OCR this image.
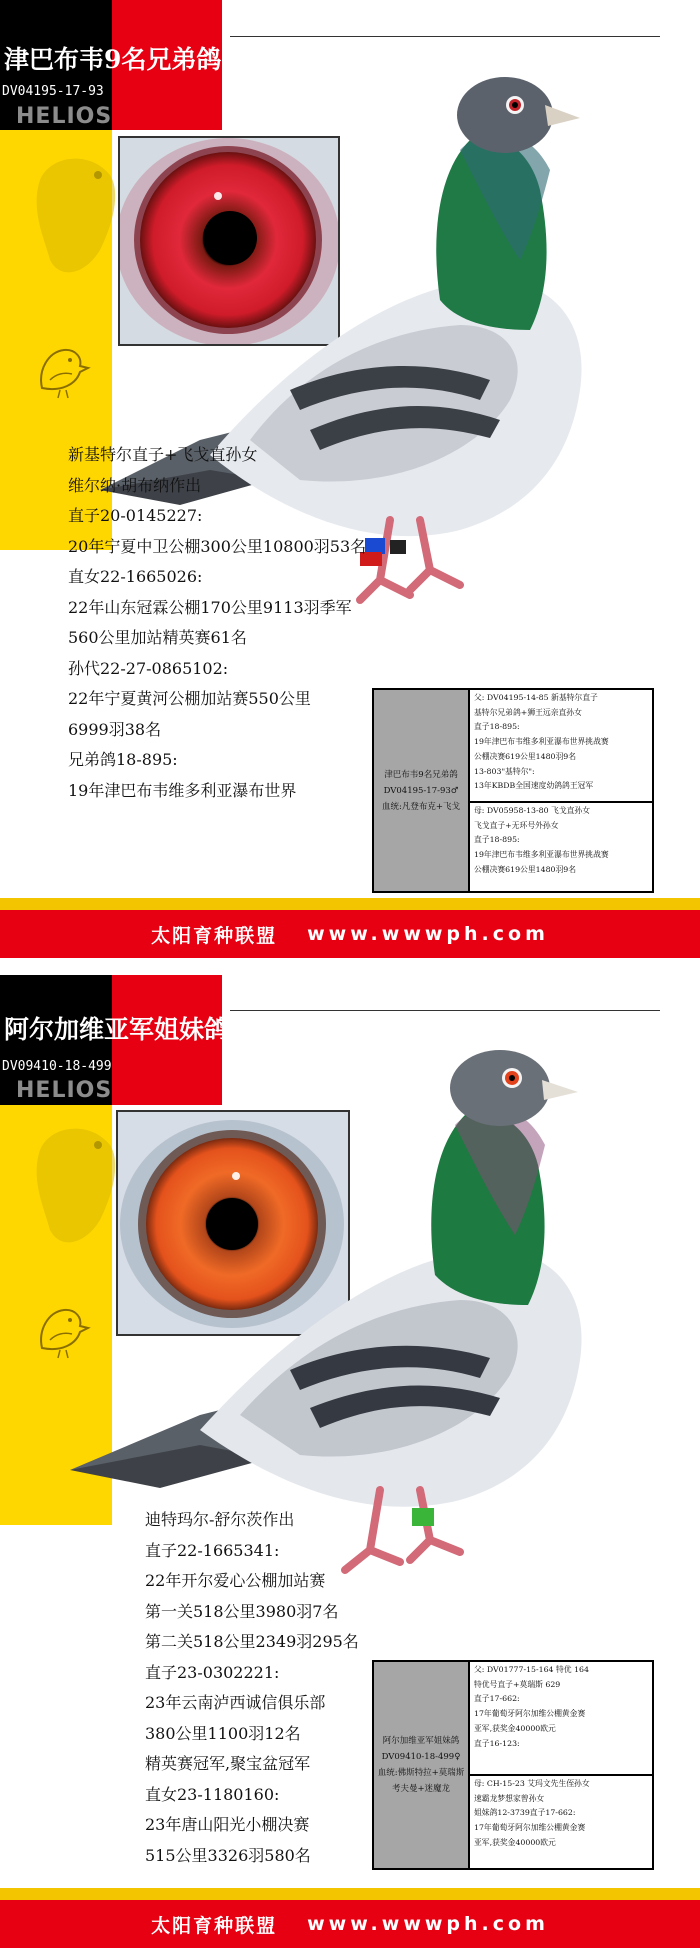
津巴布韦9名兄弟鸽
DV04195-17-93
HELIOS
新基特尔直子+飞戈直孙女
维尔纳·胡布纳作出
直子20-0145227:
20年宁夏中卫公棚300公里10800羽53名
直女22-1665026:
22年山东冠霖公棚170公里9113羽季军
560公里加站精英赛61名
孙代22-27-0865102:
22年宁夏黄河公棚加站赛550公里
6999羽38名
兄弟鸽18-895:
19年津巴布韦维多利亚瀑布世界
津巴布韦9名兄弟鸽
DV04195-17-93♂
血统:凡登布克+飞戈
父: DV04195-14-85 新基特尔直子
基特尔兄弟鸽+狮王远亲直孙女
直子18-895:
19年津巴布韦维多利亚瀑布世界挑战赛
公棚决赛619公里1480羽9名
13-803"基特尔":
13年KBDB全国速度幼鸽鸽王冠军
母: DV05958-13-80 飞戈直孙女
飞戈直子+无环号外孙女
直子18-895:
19年津巴布韦维多利亚瀑布世界挑战赛
公棚决赛619公里1480羽9名
太阳育种联盟 www.wwwph.com
阿尔加维亚军姐妹鸽
DV09410-18-499
HELIOS
迪特玛尔-舒尔茨作出
直子22-1665341:
22年开尔爱心公棚加站赛
第一关518公里3980羽7名
第二关518公里2349羽295名
直子23-0302221:
23年云南泸西诚信俱乐部
380公里1100羽12名
精英赛冠军,聚宝盆冠军
直女23-1180160:
23年唐山阳光小棚决赛
515公里3326羽580名
阿尔加维亚军姐妹鸽
DV09410-18-499♀
血统:佛斯特拉+莫瑞斯
考夫曼+迷魔龙
父: DV01777-15-164 特优 164
特优号直子+莫瑞斯 629
直子17-662:
17年葡萄牙阿尔加维公棚黄金赛
亚军,获奖金40000欧元
直子16-123:
母: CH-15-23 艾玛文先生侄孙女
速霸龙梦想家曾孙女
姐妹鸽12-3739直子17-662:
17年葡萄牙阿尔加维公棚黄金赛
亚军,获奖金40000欧元
太阳育种联盟 www.wwwph.com
